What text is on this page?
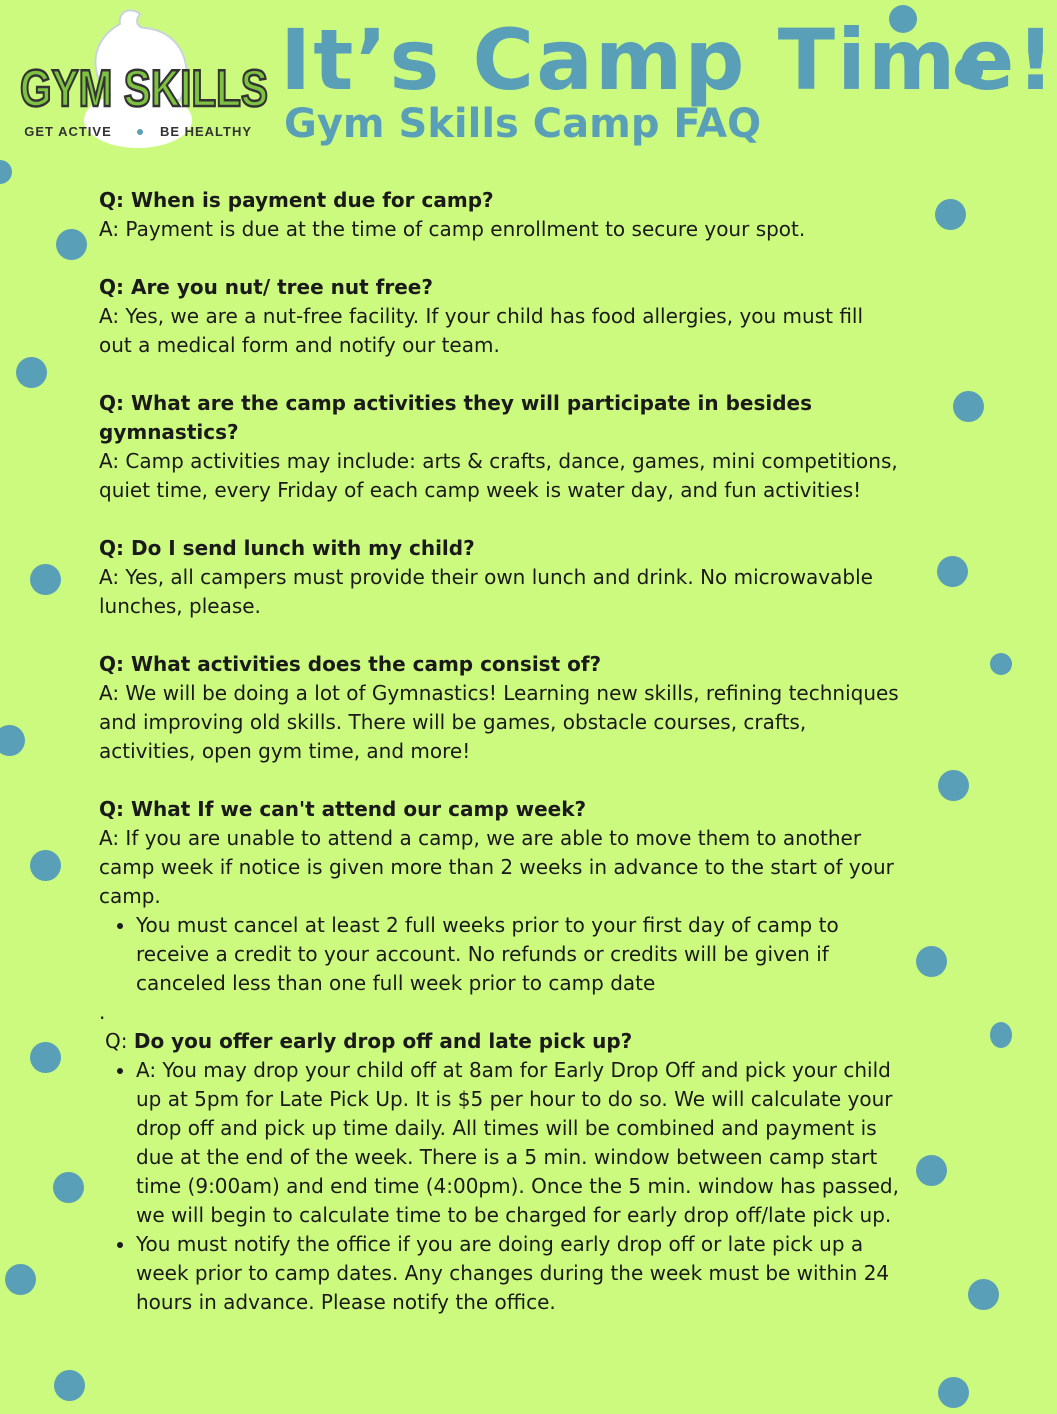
GYM SKILLS
GET ACTIVE	BE HEALTHY
It’s Camp Time!
Gym Skills Camp FAQ

Q: When is payment due for camp?

A: Payment is due at the time of camp enrollment to secure your spot.

Q: Are you nut/ tree nut free?

A: Yes, we are a nut-free facility. If your child has food allergies, you must fill out a medical form and notify our team.

Q: What are the camp activities they will participate in besides gymnastics?

A: Camp activities may include: arts & crafts, dance, games, mini competitions, quiet time, every Friday of each camp week is water day, and fun activities!

Q: Do I send lunch with my child?

A: Yes, all campers must provide their own lunch and drink. No microwavable lunches, please.

Q: What activities does the camp consist of?

A: We will be doing a lot of Gymnastics! Learning new skills, refining techniques and improving old skills. There will be games, obstacle courses, crafts, activities, open gym time, and more!

Q: What If we can't attend our camp week?

A: If you are unable to attend a camp, we are able to move them to another camp week if notice is given more than 2 weeks in advance to the start of your camp.

• You must cancel at least 2 full weeks prior to your first day of camp to receive a credit to your account. No refunds or credits will be given if canceled less than one full week prior to camp date

.

Q: Do you offer early drop off and late pick up?

• A: You may drop your child off at 8am for Early Drop Off and pick your child up at 5pm for Late Pick Up. It is $5 per hour to do so. We will calculate your drop off and pick up time daily. All times will be combined and payment is due at the end of the week. There is a 5 min. window between camp start time (9:00am) and end time (4:00pm). Once the 5 min. window has passed, we will begin to calculate time to be charged for early drop off/late pick up.
• You must notify the office if you are doing early drop off or late pick up a week prior to camp dates. Any changes during the week must be within 24 hours in advance. Please notify the office.
